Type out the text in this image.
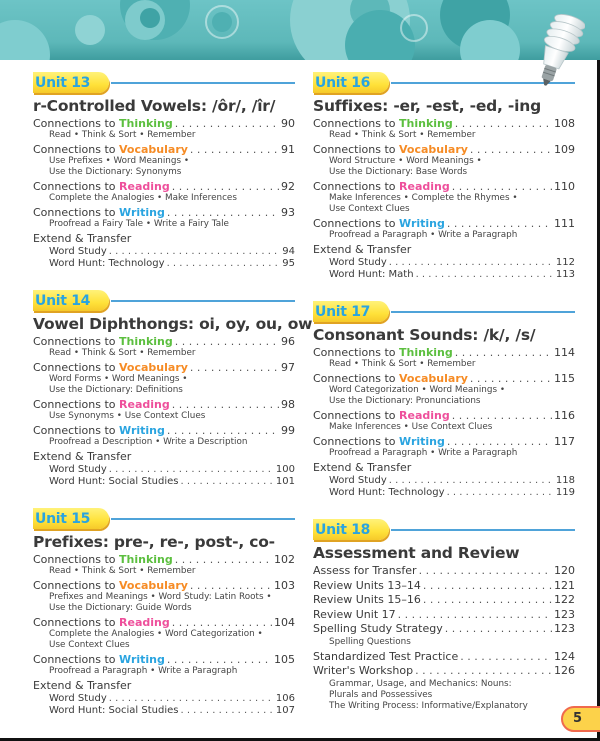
Unit 13
r-Controlled Vowels: /ôr/, /îr/
Connections to Thinking . . .	90
Read • Think & Sort • Remember
Connections to Vocabulary . . .	91
Use Prefixes • Word Meanings •
Use the Dictionary: Synonyms
Connections to Reading . . .	92
Complete the Analogies • Make Inferences
Connections to Writing . . .	93
Proofread a Fairy Tale • Write a Fairy Tale
Extend & Transfer
Word Study . . .	94
Word Hunt: Technology . . .	95
Unit 14
Vowel Diphthongs: oi, oy, ou, ow
Connections to Thinking . . .	96
Read • Think & Sort • Remember
Connections to Vocabulary . . .	97
Word Forms • Word Meanings •
Use the Dictionary: Definitions
Connections to Reading . . .	98
Use Synonyms • Use Context Clues
Connections to Writing . . .	99
Proofread a Description • Write a Description
Extend & Transfer
Word Study . . .	100
Word Hunt: Social Studies . . .	101
Unit 15
Prefixes: pre-, re-, post-, co-
Connections to Thinking . . .	102
Read • Think & Sort • Remember
Connections to Vocabulary . . .	103
Prefixes and Meanings • Word Study: Latin Roots •
Use the Dictionary: Guide Words
Connections to Reading . . .	104
Complete the Analogies • Word Categorization •
Use Context Clues
Connections to Writing . . .	105
Proofread a Paragraph • Write a Paragraph
Extend & Transfer
Word Study . . .	106
Word Hunt: Social Studies . . .	107
Unit 16
Suffixes: -er, -est, -ed, -ing
Connections to Thinking . . .	108
Read • Think & Sort • Remember
Connections to Vocabulary . . .	109
Word Structure • Word Meanings •
Use the Dictionary: Base Words
Connections to Reading . . .	110
Make Inferences • Complete the Rhymes •
Use Context Clues
Connections to Writing . . .	111
Proofread a Paragraph • Write a Paragraph
Extend & Transfer
Word Study . . .	112
Word Hunt: Math . . .	113
Unit 17
Consonant Sounds: /k/, /s/
Connections to Thinking . . .	114
Read • Think & Sort • Remember
Connections to Vocabulary . . .	115
Word Categorization • Word Meanings •
Use the Dictionary: Pronunciations
Connections to Reading . . .	116
Make Inferences • Use Context Clues
Connections to Writing . . .	117
Proofread a Paragraph • Write a Paragraph
Extend & Transfer
Word Study . . .	118
Word Hunt: Technology . . .	119
Unit 18
Assessment and Review
Assess for Transfer . . .	120
Review Units 13–14 . . .	121
Review Units 15–16 . . .	122
Review Unit 17 . . .	123
Spelling Study Strategy . . .	123
Spelling Questions
Standardized Test Practice . . .	124
Writer's Workshop . . .	126
Grammar, Usage, and Mechanics: Nouns:
Plurals and Possessives
The Writing Process: Informative/Explanatory
5
